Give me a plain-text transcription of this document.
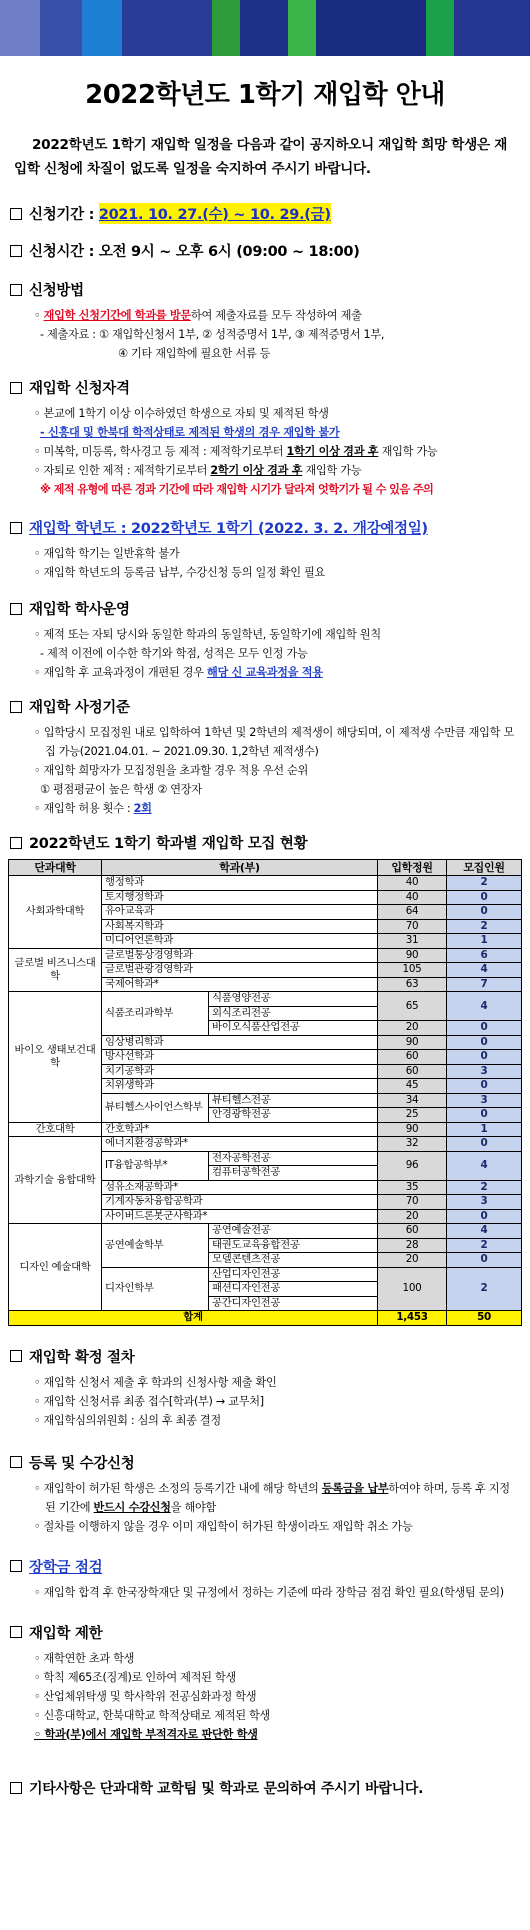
2022학년도 1학기 재입학 안내
2022학년도 1학기 재입학 일정을 다음과 같이 공지하오니 재입학 희망 학생은 재입학 신청에 차질이 없도록 일정을 숙지하여 주시기 바랍니다.
신청기간 :
2021. 10. 27.(수) ~ 10. 29.(금)
신청시간 : 오전 9시 ~ 오후 6시 (09:00 ~ 18:00)
신청방법
◦ 재입학 신청기간에 학과를 방문하여 제출자료를 모두 작성하여 제출
- 제출자료 : ① 재입학신청서 1부, ② 성적증명서 1부, ③ 제적증명서 1부,
④ 기타 재입학에 필요한 서류 등
재입학 신청자격
◦ 본교에 1학기 이상 이수하였던 학생으로 자퇴 및 제적된 학생
- 신흥대 및 한북대 학적상태로 제적된 학생의 경우 재입학 불가
◦ 미복학, 미등록, 학사경고 등 제적 : 제적학기로부터 1학기 이상 경과 후 재입학 가능
◦ 자퇴로 인한 제적 : 제적학기로부터 2학기 이상 경과 후 재입학 가능
※ 제적 유형에 따른 경과 기간에 따라 재입학 시기가 달라져 엇학기가 될 수 있음 주의
재입학 학년도 : 2022학년도 1학기 (2022. 3. 2. 개강예정일)
◦ 재입학 학기는 일반휴학 불가
◦ 재입학 학년도의 등록금 납부, 수강신청 등의 일정 확인 필요
재입학 학사운영
◦ 제적 또는 자퇴 당시와 동일한 학과의 동일학년, 동일학기에 재입학 원칙
- 제적 이전에 이수한 학기와 학점, 성적은 모두 인정 가능
◦ 재입학 후 교육과정이 개편된 경우 해당 신 교육과정을 적용
재입학 사정기준
◦ 입학당시 모집정원 내로 입학하여 1학년 및 2학년의 제적생이 해당되며, 이 제적생 수만큼 재입학 모집 가능(2021.04.01. ~ 2021.09.30. 1,2학년 제적생수)
◦ 재입학 희망자가 모집정원을 초과할 경우 적용 우선 순위
① 평점평균이 높은 학생 ② 연장자
◦ 재입학 허용 횟수 : 2회
2022학년도 1학기 학과별 재입학 모집 현황
단과대학	학과(부)		입학정원	모집인원
사회과학대학	행정학과		40	2
	토지행정학과		40	0
	유아교육과		64	0
	사회복지학과		70	2
	미디어언론학과		31	1
글로벌 비즈니스대학	글로벌통상경영학과		90	6
	글로벌관광경영학과		105	4
	국제어학과*		63	7
바이오 생태보건대학	식품조리과학부	식품영양전공	65	4
		외식조리전공		
		바이오식품산업전공	20	0
	임상병리학과		90	0
	방사선학과		60	0
	치기공학과		60	3
	치위생학과		45	0
	뷰티헬스사이언스학부	뷰티헬스전공	34	3
		안경광학전공	25	0

간호대학	간호학과*		90	1
과학기술 융합대학	에너지환경공학과*		32	0
	IT융합공학부*	전자공학전공	96	4
		컴퓨터공학전공		
	섬유소재공학과*		35	2
	기계자동차융합공학과		70	3
	사이버드론봇군사학과*		20	0
디자인 예술대학	공연예술학부	공연예술전공	60	4
		태권도교육융합전공	28	2
		모델콘텐츠전공	20	0
	디자인학부	산업디자인전공	100	2
		패션디자인전공		
		공간디자인전공		
합계			1,453	50
재입학 확정 절차
◦ 재입학 신청서 제출 후 학과의 신청사항 제출 확인
◦ 재입학 신청서류 최종 접수[학과(부) → 교무처]
◦ 재입학심의위원회 : 심의 후 최종 결정
등록 및 수강신청
◦ 재입학이 허가된 학생은 소정의 등록기간 내에 해당 학년의 등록금을 납부하여야 하며, 등록 후 지정된 기간에 반드시 수강신청을 해야함
◦ 절차를 이행하지 않을 경우 이미 재입학이 허가된 학생이라도 재입학 취소 가능
장학금 점검
◦ 재입학 합격 후 한국장학재단 및 규정에서 정하는 기준에 따라 장학금 점검 확인 필요(학생팀 문의)
재입학 제한
◦ 재학연한 초과 학생
◦ 학칙 제65조(징계)로 인하여 제적된 학생
◦ 산업체위탁생 및 학사학위 전공심화과정 학생
◦ 신흥대학교, 한북대학교 학적상태로 제적된 학생
◦ 학과(부)에서 재입학 부적격자로 판단한 학생
기타사항은 단과대학 교학팀 및 학과로 문의하여 주시기 바랍니다.
